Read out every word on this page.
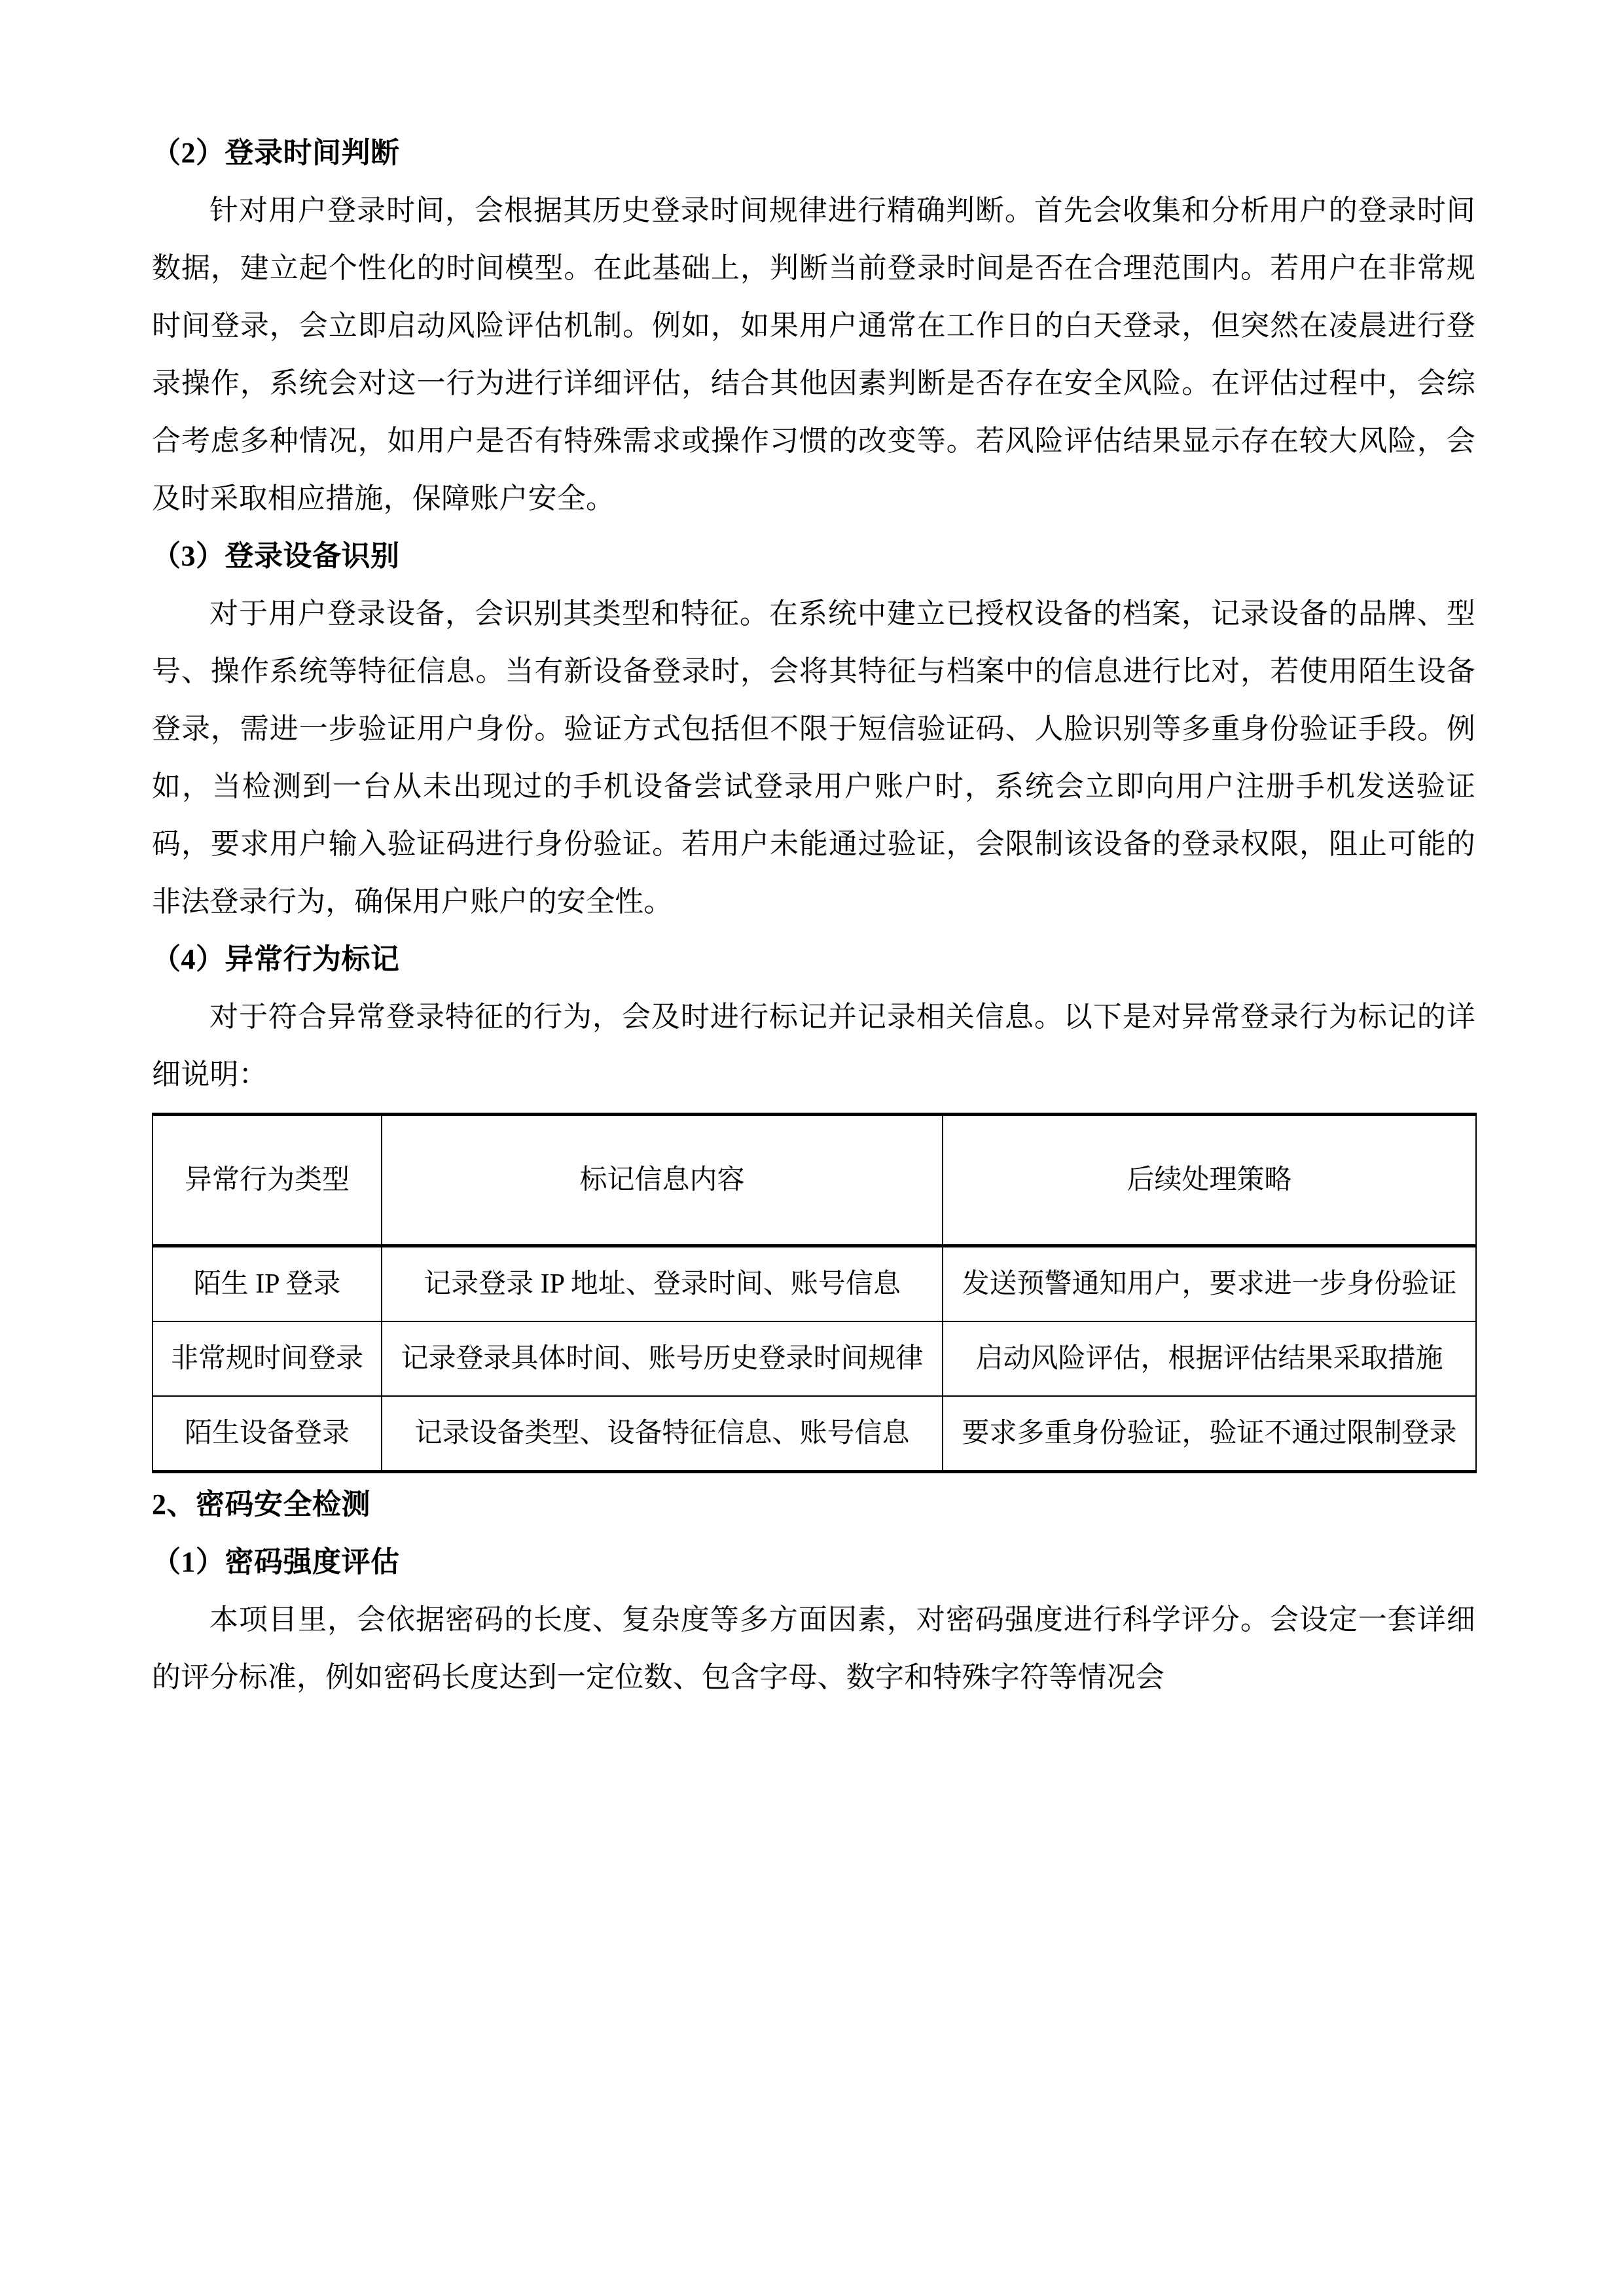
（2）登录时间判断

针对用户登录时间，会根据其历史登录时间规律进行精确判断。首先会收集和分析用户的登录时间数据，建立起个性化的时间模型。在此基础上，判断当前登录时间是否在合理范围内。若用户在非常规时间登录，会立即启动风险评估机制。例如，如果用户通常在工作日的白天登录，但突然在凌晨进行登录操作，系统会对这一行为进行详细评估，结合其他因素判断是否存在安全风险。在评估过程中，会综合考虑多种情况，如用户是否有特殊需求或操作习惯的改变等。若风险评估结果显示存在较大风险，会及时采取相应措施，保障账户安全。

（3）登录设备识别

对于用户登录设备，会识别其类型和特征。在系统中建立已授权设备的档案，记录设备的品牌、型号、操作系统等特征信息。当有新设备登录时，会将其特征与档案中的信息进行比对，若使用陌生设备登录，需进一步验证用户身份。验证方式包括但不限于短信验证码、人脸识别等多重身份验证手段。例如，当检测到一台从未出现过的手机设备尝试登录用户账户时，系统会立即向用户注册手机发送验证码，要求用户输入验证码进行身份验证。若用户未能通过验证，会限制该设备的登录权限，阻止可能的非法登录行为，确保用户账户的安全性。

（4）异常行为标记

对于符合异常登录特征的行为，会及时进行标记并记录相关信息。以下是对异常登录行为标记的详细说明：

异常行为类型	标记信息内容	后续处理策略
陌生 IP 登录	记录登录 IP 地址、登录时间、账号信息	发送预警通知用户，要求进一步身份验证
非常规时间登录	记录登录具体时间、账号历史登录时间规律	启动风险评估，根据评估结果采取措施
陌生设备登录	记录设备类型、设备特征信息、账号信息	要求多重身份验证，验证不通过限制登录
2、密码安全检测
（1）密码强度评估

本项目里，会依据密码的长度、复杂度等多方面因素，对密码强度进行科学评分。会设定一套详细的评分标准，例如密码长度达到一定位数、包含字母、数字和特殊字符等情况会
